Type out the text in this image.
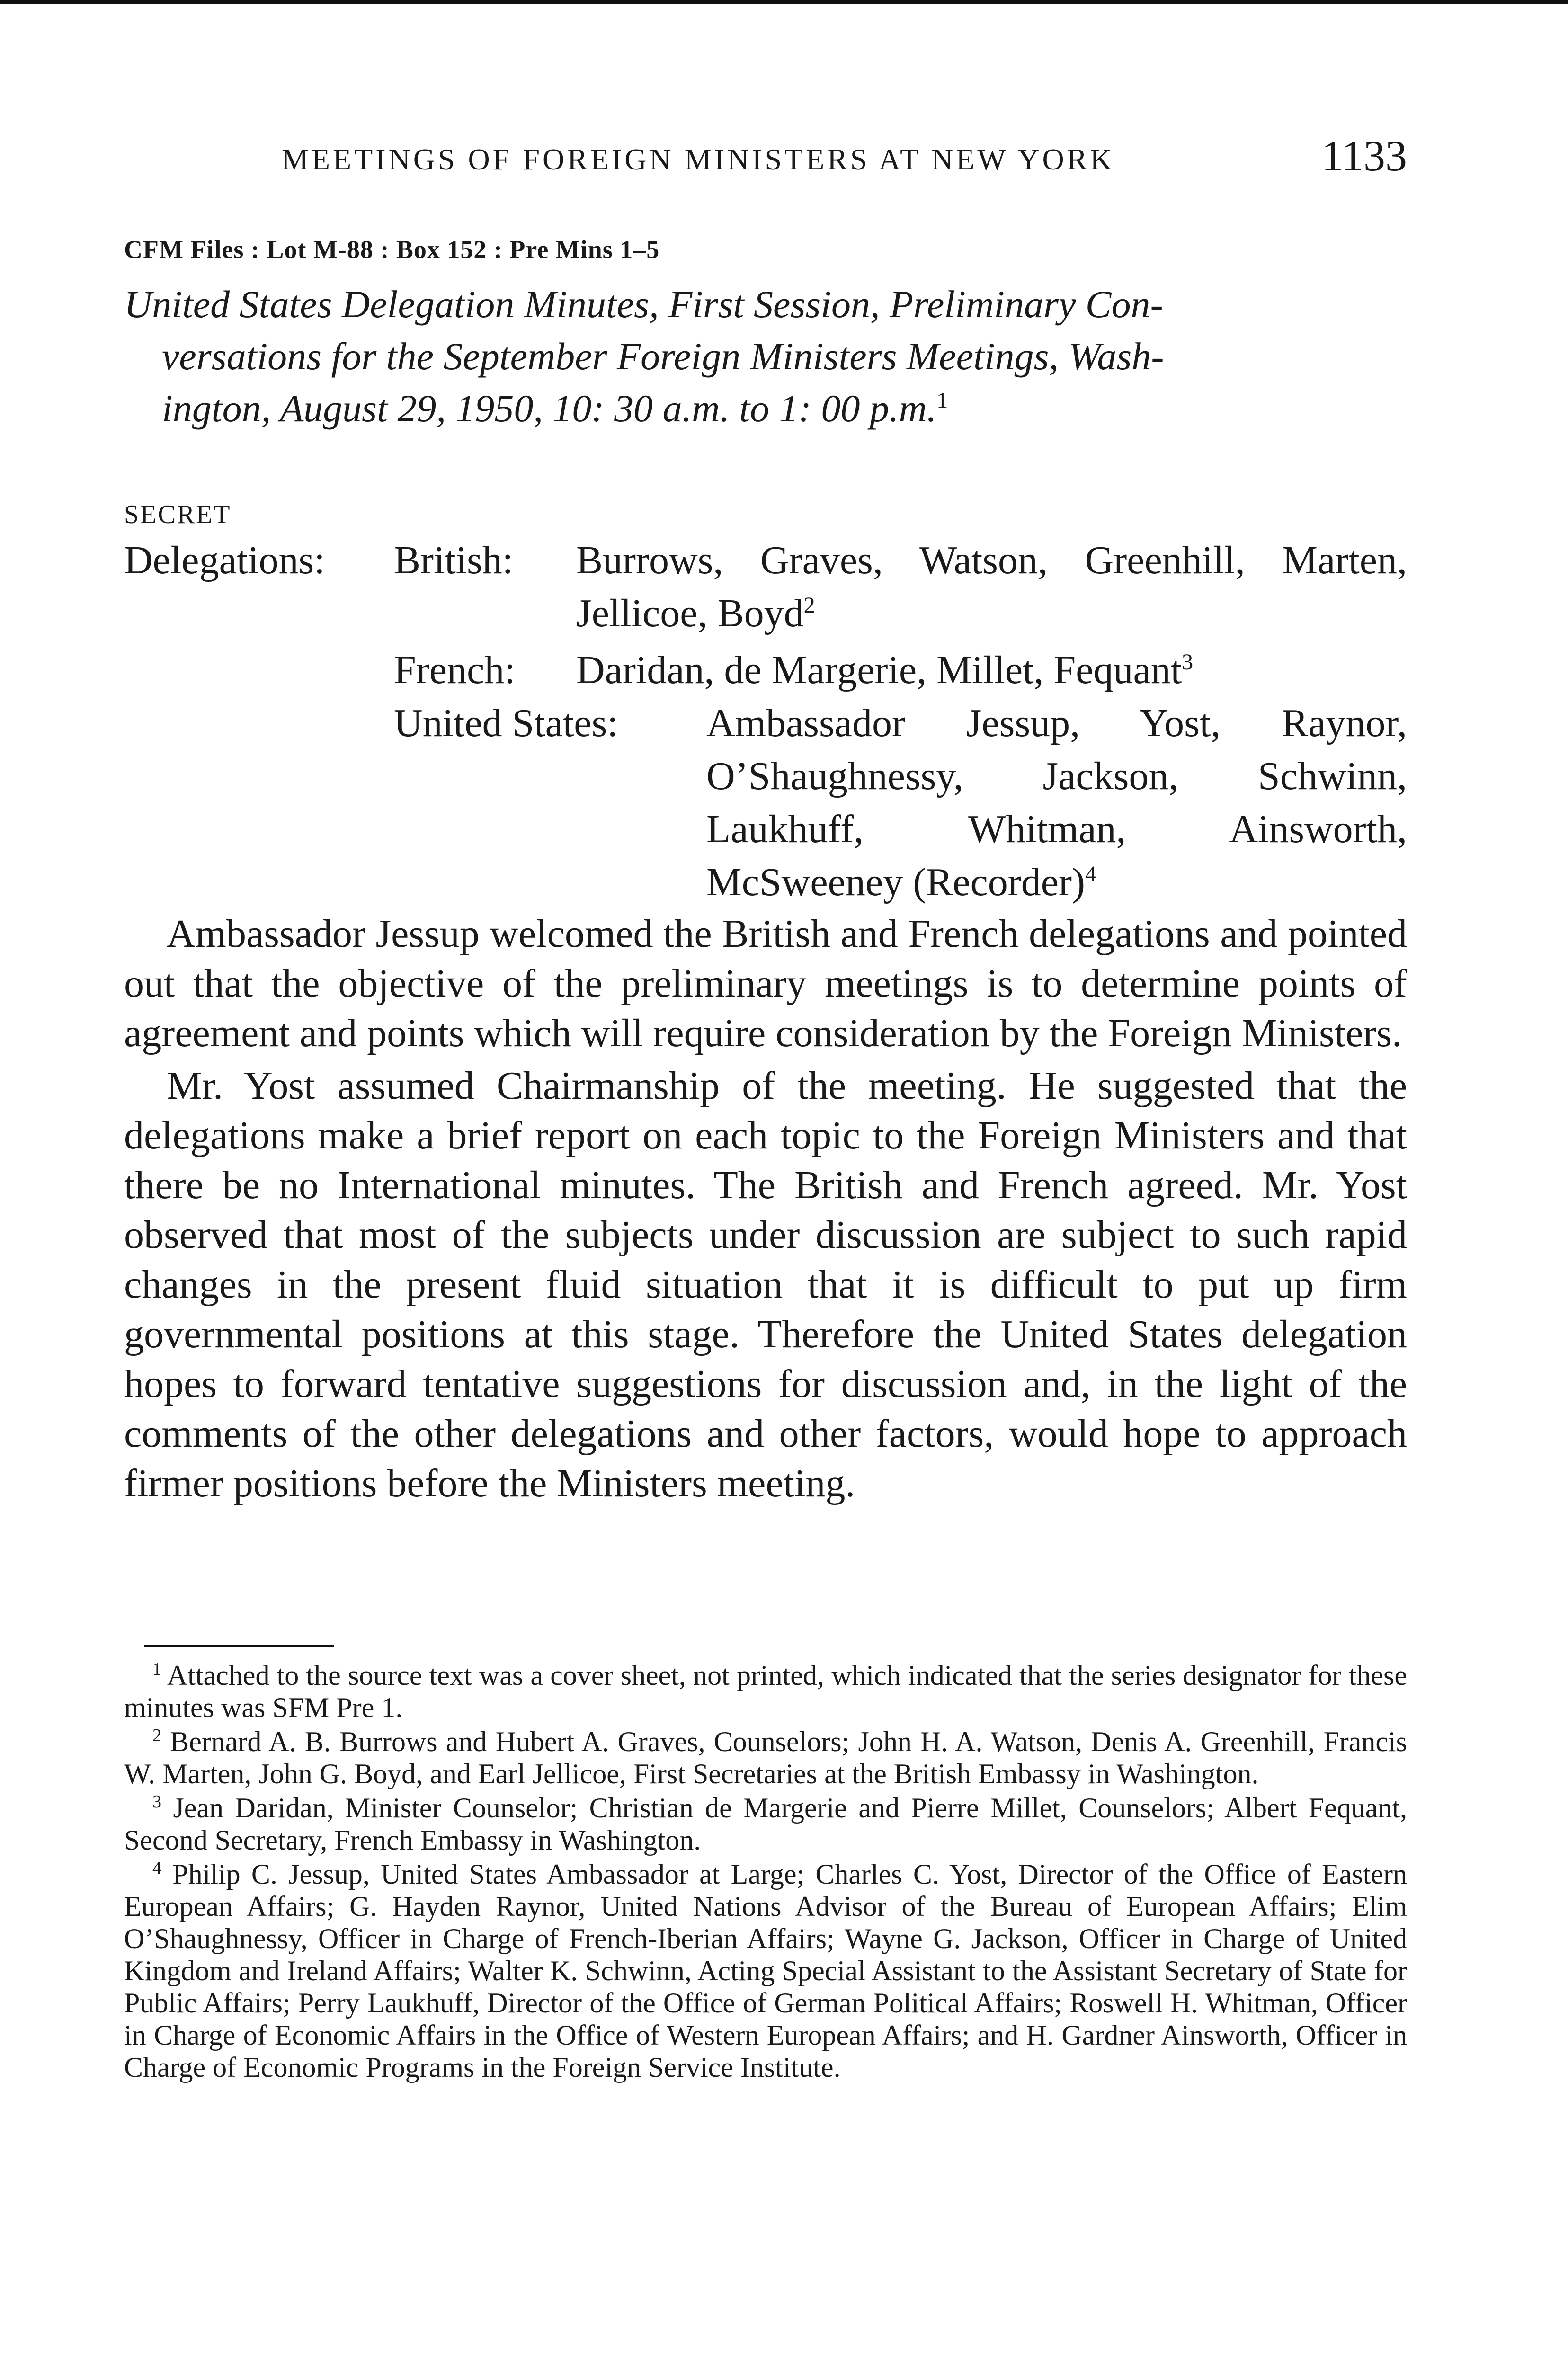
MEETINGS OF FOREIGN MINISTERS AT NEW YORK	1133
CFM Files : Lot M-88 : Box 152 : Pre Mins 1–5
United States Delegation Minutes, First Session, Preliminary Con-
versations for the September Foreign Ministers Meetings, Wash-
ington, August 29, 1950, 10: 30 a.m. to 1: 00 p.m.$^1$
SECRET
Delegations: British: Burrows, Graves, Watson, Greenhill, Marten, Jellicoe, Boyd$^2$
French: Daridan, de Margerie, Millet, Fequant$^3$
United States: Ambassador Jessup, Yost, Raynor, O’Shaughnessy, Jackson, Schwinn, Laukhuff, Whitman, Ainsworth, McSweeney (Recorder)$^4$

Ambassador Jessup welcomed the British and French delegations and pointed out that the objective of the preliminary meetings is to determine points of agreement and points which will require consideration by the Foreign Ministers.

Mr. Yost assumed Chairmanship of the meeting. He suggested that the delegations make a brief report on each topic to the Foreign Ministers and that there be no International minutes. The British and French agreed. Mr. Yost observed that most of the subjects under discussion are subject to such rapid changes in the present fluid situation that it is difficult to put up firm governmental positions at this stage. Therefore the United States delegation hopes to forward tentative suggestions for discussion and, in the light of the comments of the other delegations and other factors, would hope to approach firmer positions before the Ministers meeting.

$^1$ Attached to the source text was a cover sheet, not printed, which indicated that the series designator for these minutes was SFM Pre 1.

$^2$ Bernard A. B. Burrows and Hubert A. Graves, Counselors; John H. A. Watson, Denis A. Greenhill, Francis W. Marten, John G. Boyd, and Earl Jellicoe, First Secretaries at the British Embassy in Washington.

$^3$ Jean Daridan, Minister Counselor; Christian de Margerie and Pierre Millet, Counselors; Albert Fequant, Second Secretary, French Embassy in Washington.

$^4$ Philip C. Jessup, United States Ambassador at Large; Charles C. Yost, Director of the Office of Eastern European Affairs; G. Hayden Raynor, United Nations Advisor of the Bureau of European Affairs; Elim O’Shaughnessy, Officer in Charge of French-Iberian Affairs; Wayne G. Jackson, Officer in Charge of United Kingdom and Ireland Affairs; Walter K. Schwinn, Acting Special Assistant to the Assistant Secretary of State for Public Affairs; Perry Laukhuff, Director of the Office of German Political Affairs; Roswell H. Whitman, Officer in Charge of Economic Affairs in the Office of Western European Affairs; and H. Gardner Ainsworth, Officer in Charge of Economic Programs in the Foreign Service Institute.
